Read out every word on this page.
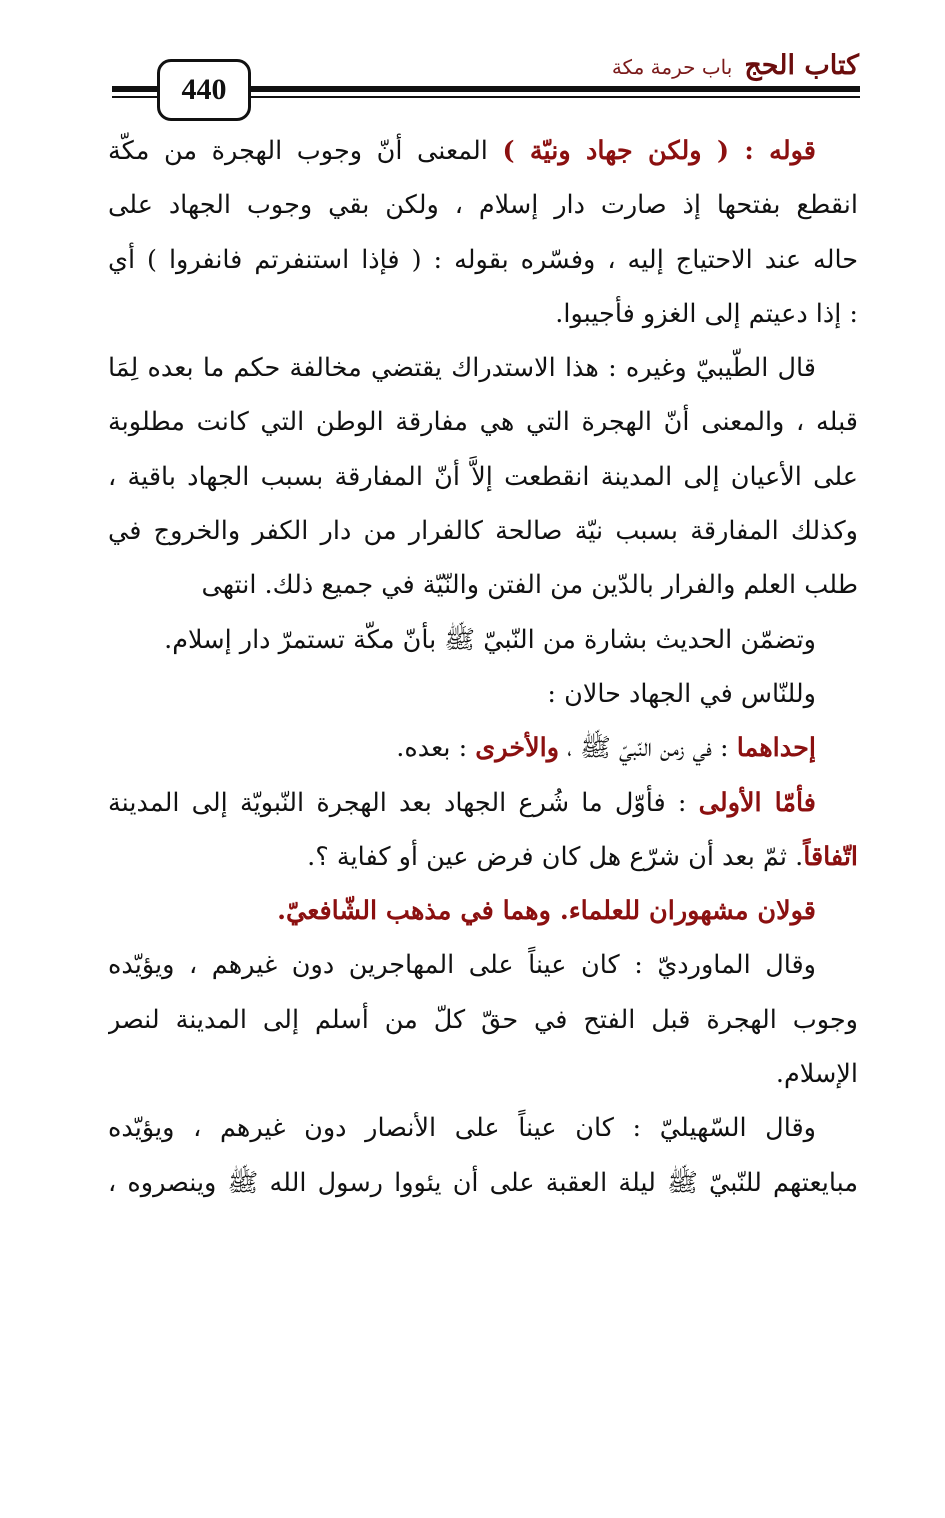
440
كتاب الحج
باب حرمة مكة
قوله : ( ولكن جهاد ونيّة ) المعنى أنّ وجوب الهجرة من مكّة
انقطع بفتحها إذ صارت دار إسلام ، ولكن بقي وجوب الجهاد على
حاله عند الاحتياج إليه ، وفسّره بقوله : ( فإذا استنفرتم فانفروا ) أي
: إذا دعيتم إلى الغزو فأجيبوا.
قال الطّيبيّ وغيره : هذا الاستدراك يقتضي مخالفة حكم ما بعده لِمَا
قبله ، والمعنى أنّ الهجرة التي هي مفارقة الوطن التي كانت مطلوبة
على الأعيان إلى المدينة انقطعت إلاَّ أنّ المفارقة بسبب الجهاد باقية ،
وكذلك المفارقة بسبب نيّة صالحة كالفرار من دار الكفر والخروج في
طلب العلم والفرار بالدّين من الفتن والنّيّة في جميع ذلك. انتهى
وتضمّن الحديث بشارة من النّبيّ ﷺ بأنّ مكّة تستمرّ دار إسلام.
وللنّاس في الجهاد حالان :
إحداهما : في زمن النّبيّ ﷺ ، والأخرى : بعده.
فأمّا الأولى : فأوّل ما شُرع الجهاد بعد الهجرة النّبويّة إلى المدينة
اتّفاقاً. ثمّ بعد أن شرّع هل كان فرض عين أو كفاية ؟.
قولان مشهوران للعلماء. وهما في مذهب الشّافعيّ.
وقال الماورديّ : كان عيناً على المهاجرين دون غيرهم ، ويؤيّده
وجوب الهجرة قبل الفتح في حقّ كلّ من أسلم إلى المدينة لنصر
الإسلام.
وقال السّهيليّ : كان عيناً على الأنصار دون غيرهم ، ويؤيّده
مبايعتهم للنّبيّ ﷺ ليلة العقبة على أن يئووا رسول الله ﷺ وينصروه ،
